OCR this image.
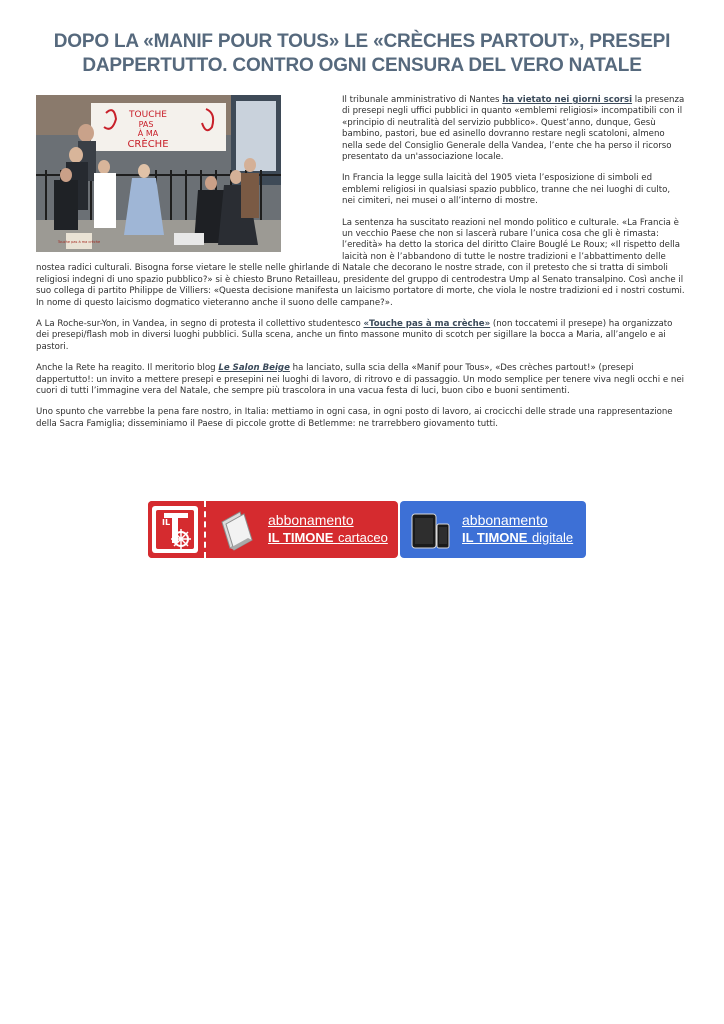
DOPO LA «MANIF POUR TOUS» LE «CRÈCHES PARTOUT», PRESEPI DAPPERTUTTO. CONTRO OGNI CENSURA DEL VERO NATALE
TOUCHE
PAS
À MA
CRÈCHE
Touche pas à ma crèche

Il tribunale amministrativo di Nantes ha vietato nei giorni scorsi la presenza di presepi negli uffici pubblici in quanto «emblemi religiosi» incompatibili con il «principio di neutralità del servizio pubblico». Quest’anno, dunque, Gesù bambino, pastori, bue ed asinello dovranno restare negli scatoloni, almeno nella sede del Consiglio Generale della Vandea, l’ente che ha perso il ricorso presentato da un'associazione locale.

In Francia la legge sulla laicità del 1905 vieta l’esposizione di simboli ed emblemi religiosi in qualsiasi spazio pubblico, tranne che nei luoghi di culto, nei cimiteri, nei musei o all’interno di mostre.

La sentenza ha suscitato reazioni nel mondo politico e culturale. «La Francia è un vecchio Paese che non si lascerà rubare l’unica cosa che gli è rimasta: l’eredità» ha detto la storica del diritto Claire Bouglé Le Roux; «Il rispetto della laicità non è l’abbandono di tutte le nostre tradizioni e l’abbattimento delle nostea radici culturali. Bisogna forse vietare le stelle nelle ghirlande di Natale che decorano le nostre strade, con il pretesto che si tratta di simboli religiosi indegni di uno spazio pubblico?» si è chiesto Bruno Retailleau, presidente del gruppo di centrodestra Ump al Senato transalpino. Così anche il suo collega di partito Philippe de Villiers: «Questa decisione manifesta un laicismo portatore di morte, che viola le nostre tradizioni ed i nostri costumi. In nome di questo laicismo dogmatico vieteranno anche il suono delle campane?».

A La Roche-sur-Yon, in Vandea, in segno di protesta il collettivo studentesco «Touche pas à ma crèche» (non toccatemi il presepe) ha organizzato dei presepi/flash mob in diversi luoghi pubblici. Sulla scena, anche un finto massone munito di scotch per sigillare la bocca a Maria, all’angelo e ai pastori.

Anche la Rete ha reagito. Il meritorio blog Le Salon Beige ha lanciato, sulla scia della «Manif pour Tous», «Des crèches partout!» (presepi dappertutto!: un invito a mettere presepi e presepini nei luoghi di lavoro, di ritrovo e di passaggio. Un modo semplice per tenere viva negli occhi e nei cuori di tutti l’immagine vera del Natale, che sempre più trascolora in una vacua festa di luci, buon cibo e buoni sentimenti.

Uno spunto che varrebbe la pena fare nostro, in Italia: mettiamo in ogni casa, in ogni posto di lavoro, ai crocicchi delle strade una rappresentazione della Sacra Famiglia; disseminiamo il Paese di piccole grotte di Betlemme: ne trarrebbero giovamento tutti.

IL	abbonamento
IL TIMONE cartaceo
abbonamento
IL TIMONE digitale
